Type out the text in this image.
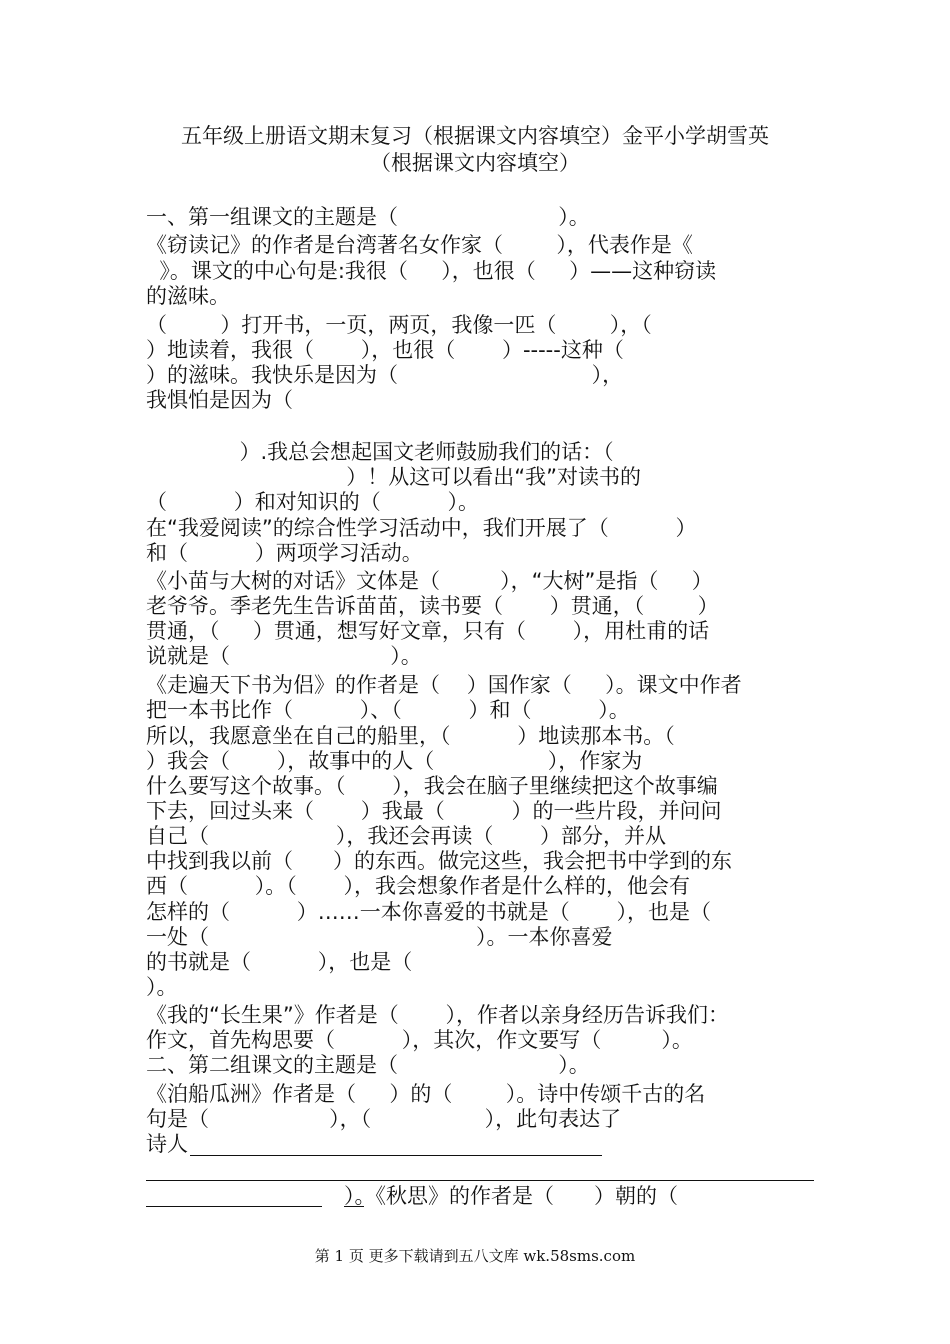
五年级上册语文期末复习（根据课文内容填空）金平小学胡雪英
（根据课文内容填空）
一、第一组课文的主题是（                        ）。
《窃读记》的作者是台湾著名女作家（        ），代表作是《
》。课文的中心句是:我很（     ），也很（     ）——这种窃读
的滋味。
（        ）打开书，一页，两页，我像一匹（        ），（
）地读着，我很（       ），也很（       ）-----这种（
）的滋味。我快乐是因为（                             ），
我惧怕是因为（
）.我总会想起国文老师鼓励我们的话：（
）！从这可以看出“我”对读书的
（          ）和对知识的（          ）。
在“我爱阅读”的综合性学习活动中，我们开展了（          ）
和（          ）两项学习活动。
《小苗与大树的对话》文体是（         ），“大树”是指（     ）
老爷爷。季老先生告诉苗苗，读书要（       ）贯通，（        ）
贯通，（     ）贯通，想写好文章，只有（       ），用杜甫的话
说就是（                        ）。
《走遍天下书为侣》的作者是（    ）国作家（     ）。课文中作者
把一本书比作（          ）、（          ）和（          ）。
所以，我愿意坐在自己的船里，（          ）地读那本书。（
）我会（       ），故事中的人（                 ），作家为
什么要写这个故事。（       ），我会在脑子里继续把这个故事编
下去，回过头来（       ）我最（          ）的一些片段，并问问
自己（                   ），我还会再读（       ）部分，并从
中找到我以前（      ）的东西。做完这些，我会把书中学到的东
西（          ）。（       ），我会想象作者是什么样的，他会有
怎样的（          ）……一本你喜爱的书就是（       ），也是（
一处（                                        ）。一本你喜爱
的书就是（          ），也是（
）。
《我的“长生果”》作者是（       ），作者以亲身经历告诉我们：
作文，首先构思要（          ），其次，作文要写（         ）。
二、第二组课文的主题是（                        ）。
《泊船瓜洲》作者是（     ）的（        ）。诗中传颂千古的名
句是（                  ），（                 ），此句表达了
诗人
）。《秋思》的作者是（      ）朝的（
第 1 页 更多下载请到五八文库 wk.58sms.com
